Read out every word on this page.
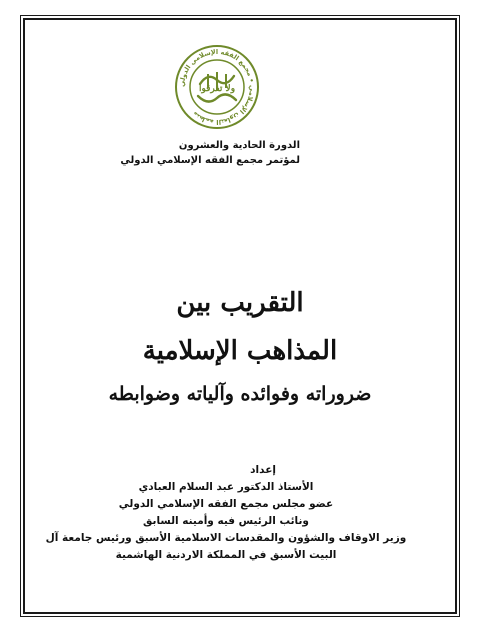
منظمة التعاون الإسلامي • مجمع الفقه الإسلامي الدولي
ولا تفرقوا
الدورة الحادية والعشرون
لمؤتمر مجمع الفقه الإسلامي الدولي
التقريب بين
المذاهب الإسلامية
ضروراته وفوائده وآلياته وضوابطه
إعداد
الأستاذ الدكتور عبد السلام العبادي
عضو مجلس مجمع الفقه الإسلامي الدولي
ونائب الرئيس فيه وأمينه السابق
وزير الاوقاف والشؤون والمقدسات الاسلامية الأسبق ورئيس جامعة آل
البيت الأسبق في المملكة الاردنية الهاشمية
